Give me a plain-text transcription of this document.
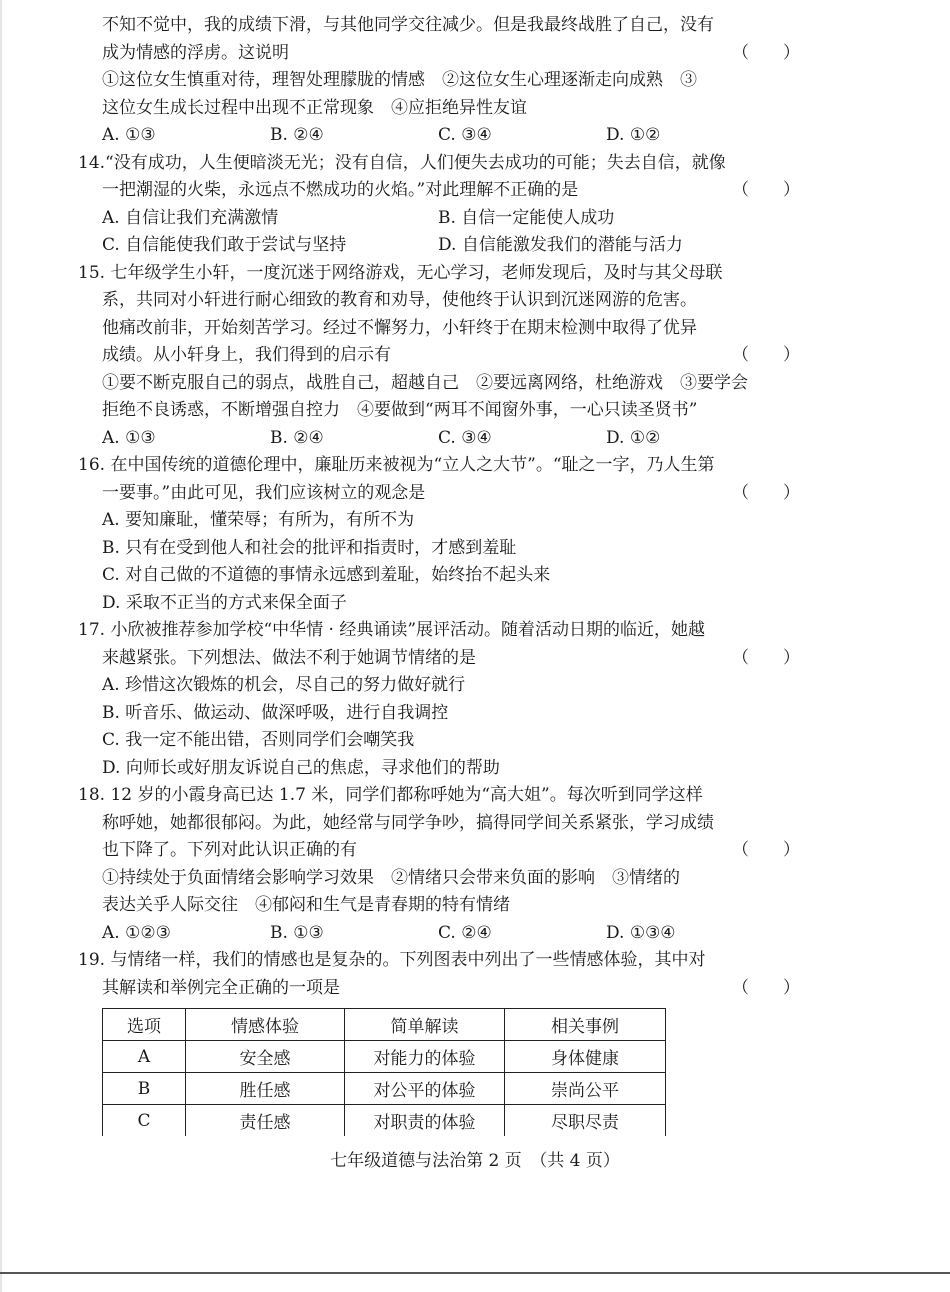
不知不觉中，我的成绩下滑，与其他同学交往减少。但是我最终战胜了自己，没有
成为情感的浮虏。这说明	（　　）
①这位女生慎重对待，理智处理朦胧的情感　②这位女生心理逐渐走向成熟　③
这位女生成长过程中出现不正常现象　④应拒绝异性友谊
A. ①③	B. ②④	C. ③④	D. ①②
14.“没有成功，人生便暗淡无光；没有自信，人们便失去成功的可能；失去自信，就像
一把潮湿的火柴，永远点不燃成功的火焰。”对此理解不正确的是	（　　）
A. 自信让我们充满激情	B. 自信一定能使人成功
C. 自信能使我们敢于尝试与坚持	D. 自信能激发我们的潜能与活力
15. 七年级学生小轩，一度沉迷于网络游戏，无心学习，老师发现后，及时与其父母联
系，共同对小轩进行耐心细致的教育和劝导，使他终于认识到沉迷网游的危害。
他痛改前非，开始刻苦学习。经过不懈努力，小轩终于在期末检测中取得了优异
成绩。从小轩身上，我们得到的启示有	（　　）
①要不断克服自己的弱点，战胜自己，超越自己　②要远离网络，杜绝游戏　③要学会
拒绝不良诱惑，不断增强自控力　④要做到“两耳不闻窗外事，一心只读圣贤书”
A. ①③	B. ②④	C. ③④	D. ①②
16. 在中国传统的道德伦理中，廉耻历来被视为“立人之大节”。“耻之一字，乃人生第
一要事。”由此可见，我们应该树立的观念是	（　　）
A. 要知廉耻，懂荣辱；有所为，有所不为
B. 只有在受到他人和社会的批评和指责时，才感到羞耻
C. 对自己做的不道德的事情永远感到羞耻，始终抬不起头来
D. 采取不正当的方式来保全面子
17. 小欣被推荐参加学校“中华情 · 经典诵读”展评活动。随着活动日期的临近，她越
来越紧张。下列想法、做法不利于她调节情绪的是	（　　）
A. 珍惜这次锻炼的机会，尽自己的努力做好就行
B. 听音乐、做运动、做深呼吸，进行自我调控
C. 我一定不能出错，否则同学们会嘲笑我
D. 向师长或好朋友诉说自己的焦虑，寻求他们的帮助
18. 12 岁的小霞身高已达 1.7 米，同学们都称呼她为“高大姐”。每次听到同学这样
称呼她，她都很郁闷。为此，她经常与同学争吵，搞得同学间关系紧张，学习成绩
也下降了。下列对此认识正确的有	（　　）
①持续处于负面情绪会影响学习效果　②情绪只会带来负面的影响　③情绪的
表达关乎人际交往　④郁闷和生气是青春期的特有情绪
A. ①②③	B. ①③	C. ②④	D. ①③④
19. 与情绪一样，我们的情感也是复杂的。下列图表中列出了一些情感体验，其中对
其解读和举例完全正确的一项是	（　　）
选项	情感体验	简单解读	相关事例
A	安全感	对能力的体验	身体健康
B	胜任感	对公平的体验	崇尚公平
C	责任感	对职责的体验	尽职尽责
七年级道德与法治第 2 页　（共 4 页）
